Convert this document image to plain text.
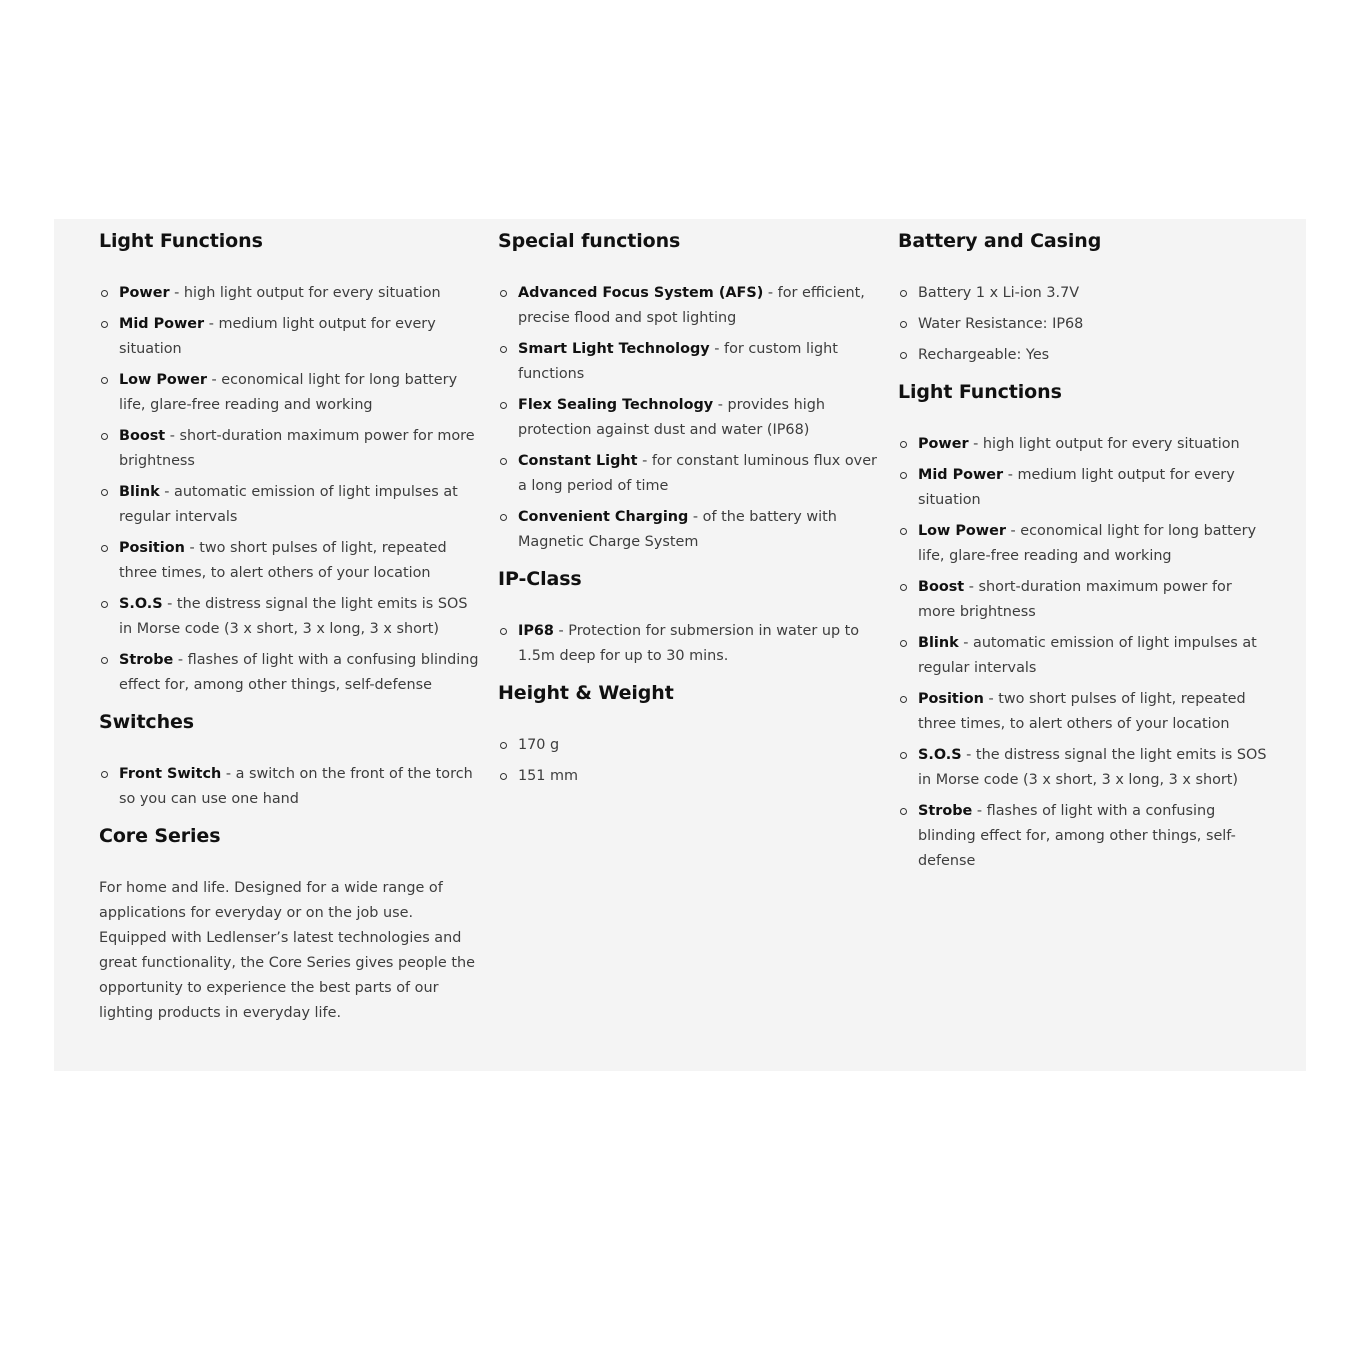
Light Functions
Power - high light output for every situation
Mid Power - medium light output for every situation
Low Power - economical light for long battery life, glare-free reading and working
Boost - short-duration maximum power for more brightness
Blink - automatic emission of light impulses at regular intervals
Position - two short pulses of light, repeated three times, to alert others of your location
S.O.S - the distress signal the light emits is SOS in Morse code (3 x short, 3 x long, 3 x short)
Strobe - flashes of light with a confusing blinding effect for, among other things, self-defense
Switches
Front Switch - a switch on the front of the torch so you can use one hand
Core Series

For home and life. Designed for a wide range of applications for everyday or on the job use. Equipped with Ledlenser’s latest technologies and great functionality, the Core Series gives people the opportunity to experience the best parts of our lighting products in everyday life.

Special functions
Advanced Focus System (AFS) - for efficient, precise flood and spot lighting
Smart Light Technology - for custom light functions
Flex Sealing Technology - provides high protection against dust and water (IP68)
Constant Light - for constant luminous flux over a long period of time
Convenient Charging - of the battery with Magnetic Charge System
IP-Class
IP68 - Protection for submersion in water up to 1.5m deep for up to 30 mins.
Height & Weight
170 g
151 mm
Battery and Casing
Battery 1 x Li-ion 3.7V
Water Resistance: IP68
Rechargeable: Yes
Light Functions
Power - high light output for every situation
Mid Power - medium light output for every situation
Low Power - economical light for long battery life, glare-free reading and working
Boost - short-duration maximum power for more brightness
Blink - automatic emission of light impulses at regular intervals
Position - two short pulses of light, repeated three times, to alert others of your location
S.O.S - the distress signal the light emits is SOS in Morse code (3 x short, 3 x long, 3 x short)
Strobe - flashes of light with a confusing blinding effect for, among other things, self-defense
